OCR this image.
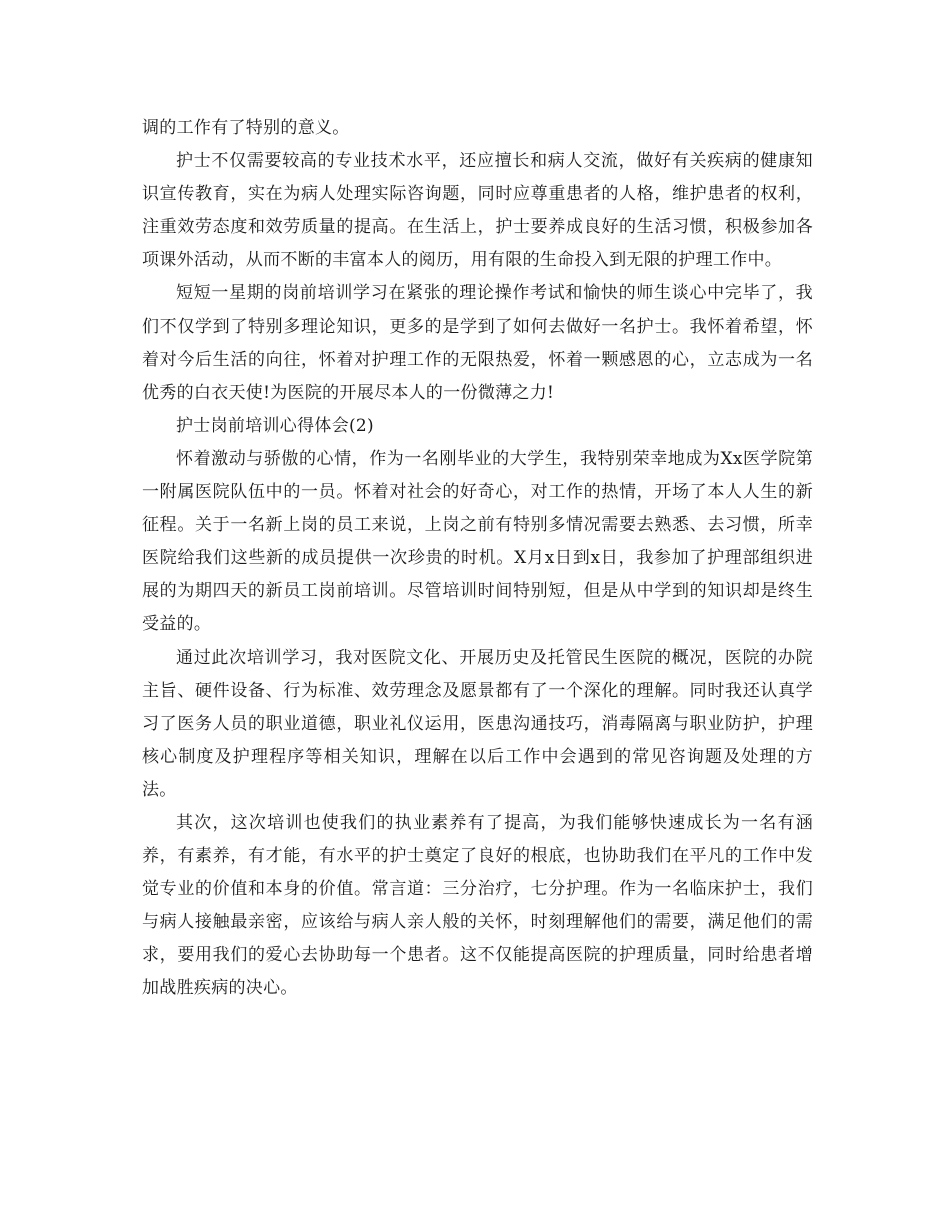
调的工作有了特别的意义。

护士不仅需要较高的专业技术水平，还应擅长和病人交流，做好有关疾病的健康知识宣传教育，实在为病人处理实际咨询题，同时应尊重患者的人格，维护患者的权利，注重效劳态度和效劳质量的提高。在生活上，护士要养成良好的生活习惯，积极参加各项课外活动，从而不断的丰富本人的阅历，用有限的生命投入到无限的护理工作中。

短短一星期的岗前培训学习在紧张的理论操作考试和愉快的师生谈心中完毕了，我们不仅学到了特别多理论知识，更多的是学到了如何去做好一名护士。我怀着希望，怀着对今后生活的向往，怀着对护理工作的无限热爱，怀着一颗感恩的心，立志成为一名优秀的白衣天使!为医院的开展尽本人的一份微薄之力!

护士岗前培训心得体会(2)

怀着激动与骄傲的心情，作为一名刚毕业的大学生，我特别荣幸地成为Xx医学院第一附属医院队伍中的一员。怀着对社会的好奇心，对工作的热情，开场了本人人生的新征程。关于一名新上岗的员工来说，上岗之前有特别多情况需要去熟悉、去习惯，所幸医院给我们这些新的成员提供一次珍贵的时机。X月x日到x日，我参加了护理部组织进展的为期四天的新员工岗前培训。尽管培训时间特别短，但是从中学到的知识却是终生受益的。

通过此次培训学习，我对医院文化、开展历史及托管民生医院的概况，医院的办院主旨、硬件设备、行为标准、效劳理念及愿景都有了一个深化的理解。同时我还认真学习了医务人员的职业道德，职业礼仪运用，医患沟通技巧，消毒隔离与职业防护，护理核心制度及护理程序等相关知识，理解在以后工作中会遇到的常见咨询题及处理的方法。

其次，这次培训也使我们的执业素养有了提高，为我们能够快速成长为一名有涵养，有素养，有才能，有水平的护士奠定了良好的根底，也协助我们在平凡的工作中发觉专业的价值和本身的价值。常言道：三分治疗，七分护理。作为一名临床护士，我们与病人接触最亲密，应该给与病人亲人般的关怀，时刻理解他们的需要，满足他们的需求，要用我们的爱心去协助每一个患者。这不仅能提高医院的护理质量，同时给患者增加战胜疾病的决心。
